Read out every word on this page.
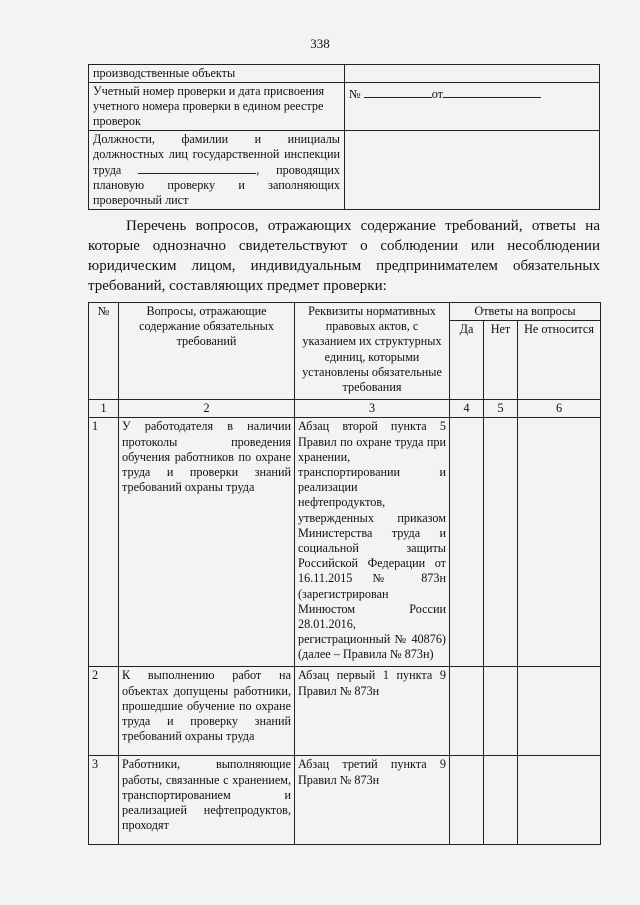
338
производственные объекты	
Учетный номер проверки и дата присвоения учетного номера проверки в едином реестре проверок	№ от
Должности, фамилии и инициалы должностных лиц государственной инспекции труда , проводящих плановую проверку и заполняющих проверочный лист	
Перечень вопросов, отражающих содержание требований, ответы на которые однозначно свидетельствуют о соблюдении или несоблюдении юридическим лицом, индивидуальным предпринимателем обязательных требований, составляющих предмет проверки:
№	Вопросы, отражающие содержание обязательных требований	Реквизиты нормативных правовых актов, с указанием их структурных единиц, которыми установлены обязательные требования	Ответы на вопросы		
			Да	Нет	Не относится
1	2	3	4	5	6
1	У работодателя в наличии протоколы проведения обучения работников по охране труда и проверки знаний требований охраны труда	Абзац второй пункта 5 Правил по охране труда при хранении, транспортировании и реализации нефтепродуктов, утвержденных приказом Министерства труда и социальной защиты Российской Федерации от 16.11.2015 № 873н (зарегистрирован Минюстом России 28.01.2016, регистрационный № 40876) (далее – Правила № 873н)			
2	К выполнению работ на объектах допущены работники, прошедшие обучение по охране труда и проверку знаний требований охраны труда	Абзац первый 1 пункта 9 Правил № 873н			
3	Работники, выполняющие работы, связанные с хранением, транспортированием и реализацией нефтепродуктов, проходят	Абзац третий пункта 9 Правил № 873н			
